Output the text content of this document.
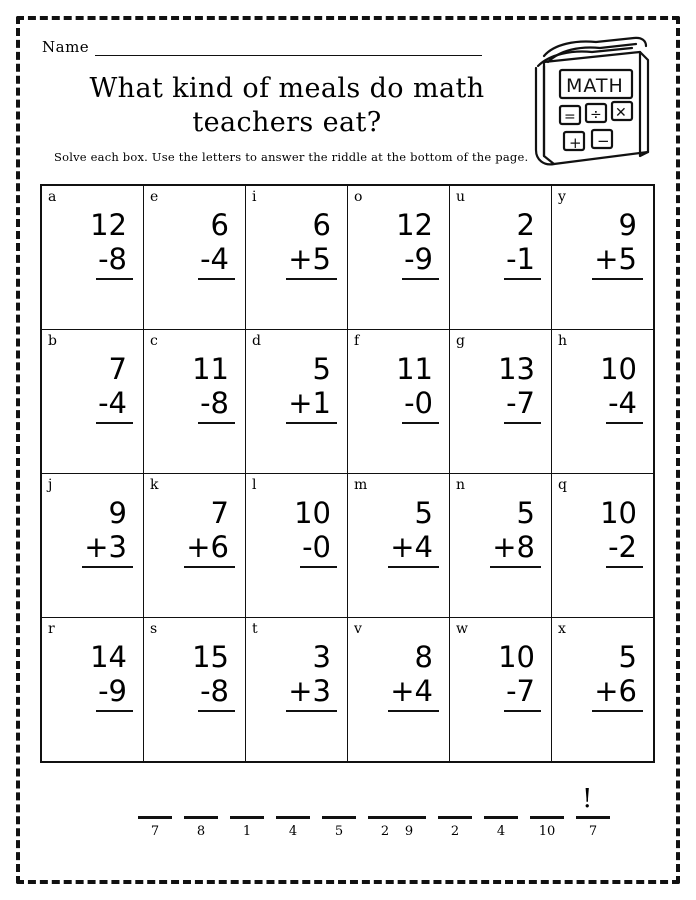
Name
What kind of meals do math
teachers eat?
Solve each box. Use the letters to answer the riddle at the bottom of the page.
MATH
= ÷ ✕
+ −
a
12
-8	e
6
-4	i
6
+5	o
12
-9	u
2
-1	y
9
+5

b
7
-4	c
11
-8	d
5
+1	f
11
-0	g
13
-7	h
10
-4

j
9
+3	k
7
+6	l
10
-0	m
5
+4	n
5
+8	q
10
-2

r
14
-9	s
15
-8	t
3
+3	v
8
+4	w
10
-7	x
5
+6
7	8	1	4	5	2	9	2	4	10	7
!
